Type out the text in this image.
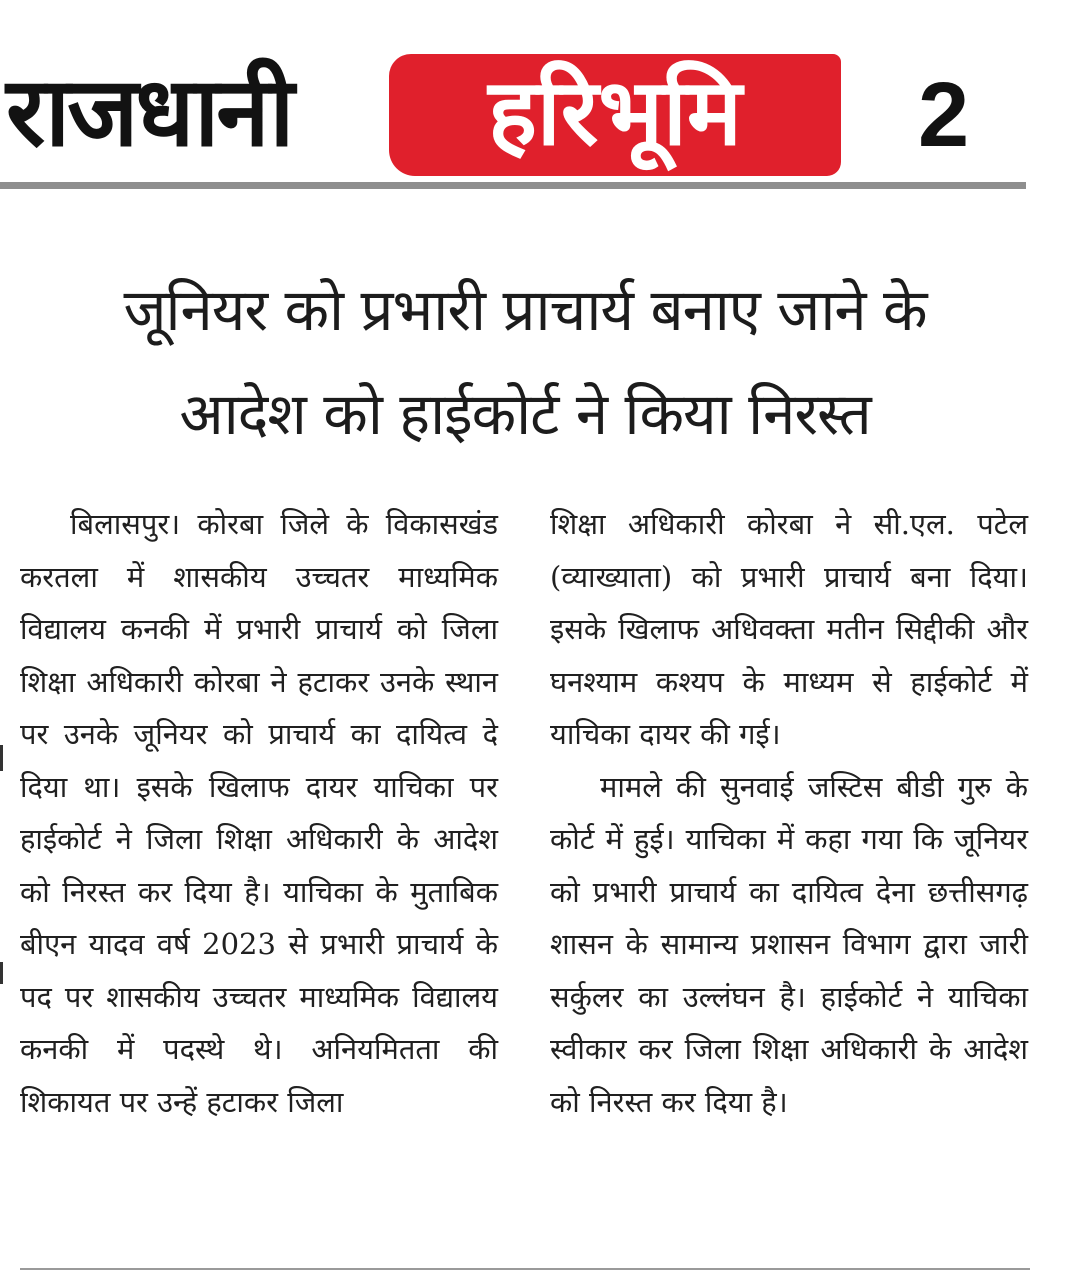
राजधानी	हरिभूमि	2
जूनियर को प्रभारी प्राचार्य बनाए जाने के
आदेश को हाईकोर्ट ने किया निरस्त

बिलासपुर। कोरबा जिले के विकासखंड करतला में शासकीय उच्चतर माध्यमिक विद्यालय कनकी में प्रभारी प्राचार्य को जिला शिक्षा अधिकारी कोरबा ने हटाकर उनके स्थान पर उनके जूनियर को प्राचार्य का दायित्व दे दिया था। इसके खिलाफ दायर याचिका पर हाईकोर्ट ने जिला शिक्षा अधिकारी के आदेश को निरस्त कर दिया है। याचिका के मुताबिक बीएन यादव वर्ष 2023 से प्रभारी प्राचार्य के पद पर शासकीय उच्चतर माध्यमिक विद्यालय कनकी में पदस्थे थे। अनियमितता की शिकायत पर उन्हें हटाकर जिला

शिक्षा अधिकारी कोरबा ने सी.एल. पटेल (व्याख्याता) को प्रभारी प्राचार्य बना दिया। इसके खिलाफ अधिवक्ता मतीन सिद्दीकी और घनश्याम कश्यप के माध्यम से हाईकोर्ट में याचिका दायर की गई।

मामले की सुनवाई जस्टिस बीडी गुरु के कोर्ट में हुई। याचिका में कहा गया कि जूनियर को प्रभारी प्राचार्य का दायित्व देना छत्तीसगढ़ शासन के सामान्य प्रशासन विभाग द्वारा जारी सर्कुलर का उल्लंघन है। हाईकोर्ट ने याचिका स्वीकार कर जिला शिक्षा अधिकारी के आदेश को निरस्त कर दिया है।
